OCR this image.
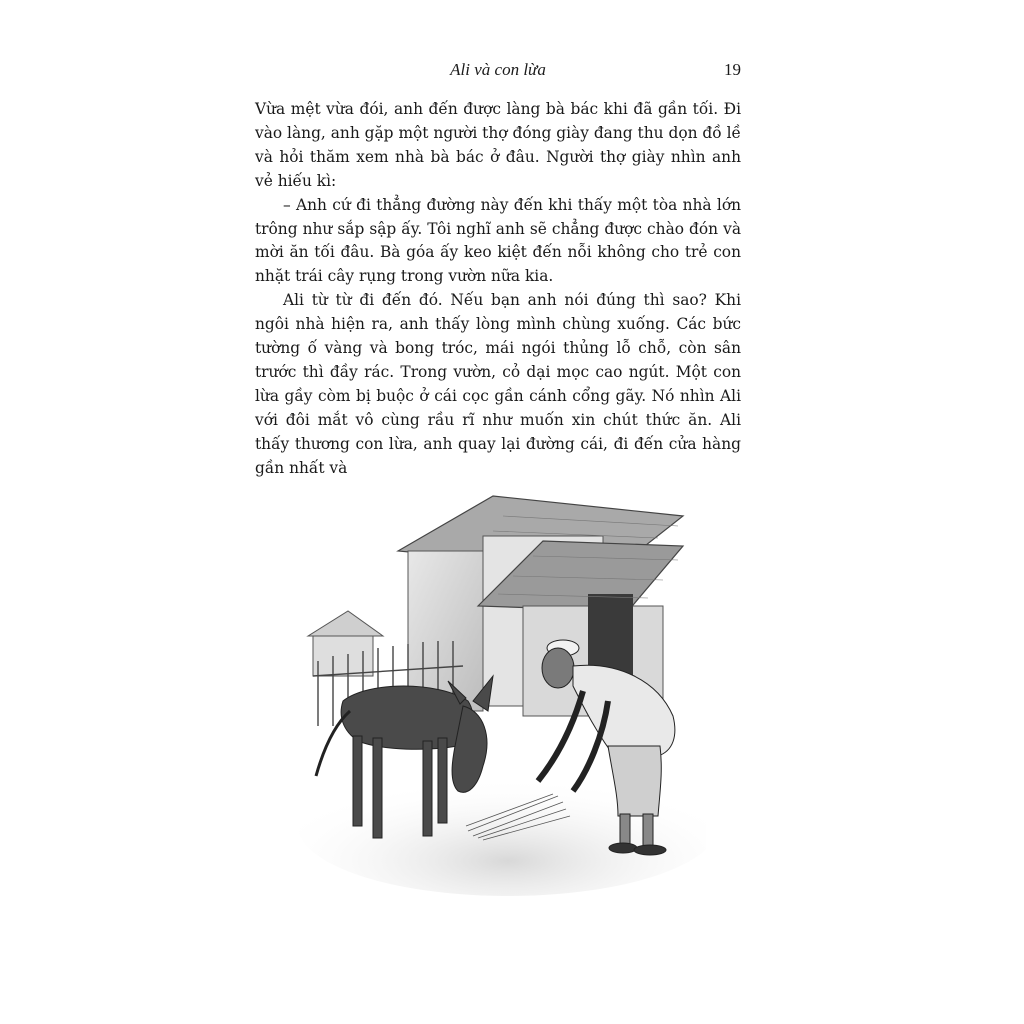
Ali và con lừa	19

Vừa mệt vừa đói, anh đến được làng bà bác khi đã gần tối. Đi vào làng, anh gặp một người thợ đóng giày đang thu dọn đồ lề và hỏi thăm xem nhà bà bác ở đâu. Người thợ giày nhìn anh vẻ hiếu kì:

– Anh cứ đi thẳng đường này đến khi thấy một tòa nhà lớn trông như sắp sập ấy. Tôi nghĩ anh sẽ chẳng được chào đón và mời ăn tối đâu. Bà góa ấy keo kiệt đến nỗi không cho trẻ con nhặt trái cây rụng trong vườn nữa kia.

Ali từ từ đi đến đó. Nếu bạn anh nói đúng thì sao? Khi ngôi nhà hiện ra, anh thấy lòng mình chùng xuống. Các bức tường ố vàng và bong tróc, mái ngói thủng lỗ chỗ, còn sân trước thì đầy rác. Trong vườn, cỏ dại mọc cao ngút. Một con lừa gầy còm bị buộc ở cái cọc gần cánh cổng gãy. Nó nhìn Ali với đôi mắt vô cùng rầu rĩ như muốn xin chút thức ăn. Ali thấy thương con lừa, anh quay lại đường cái, đi đến cửa hàng gần nhất và
